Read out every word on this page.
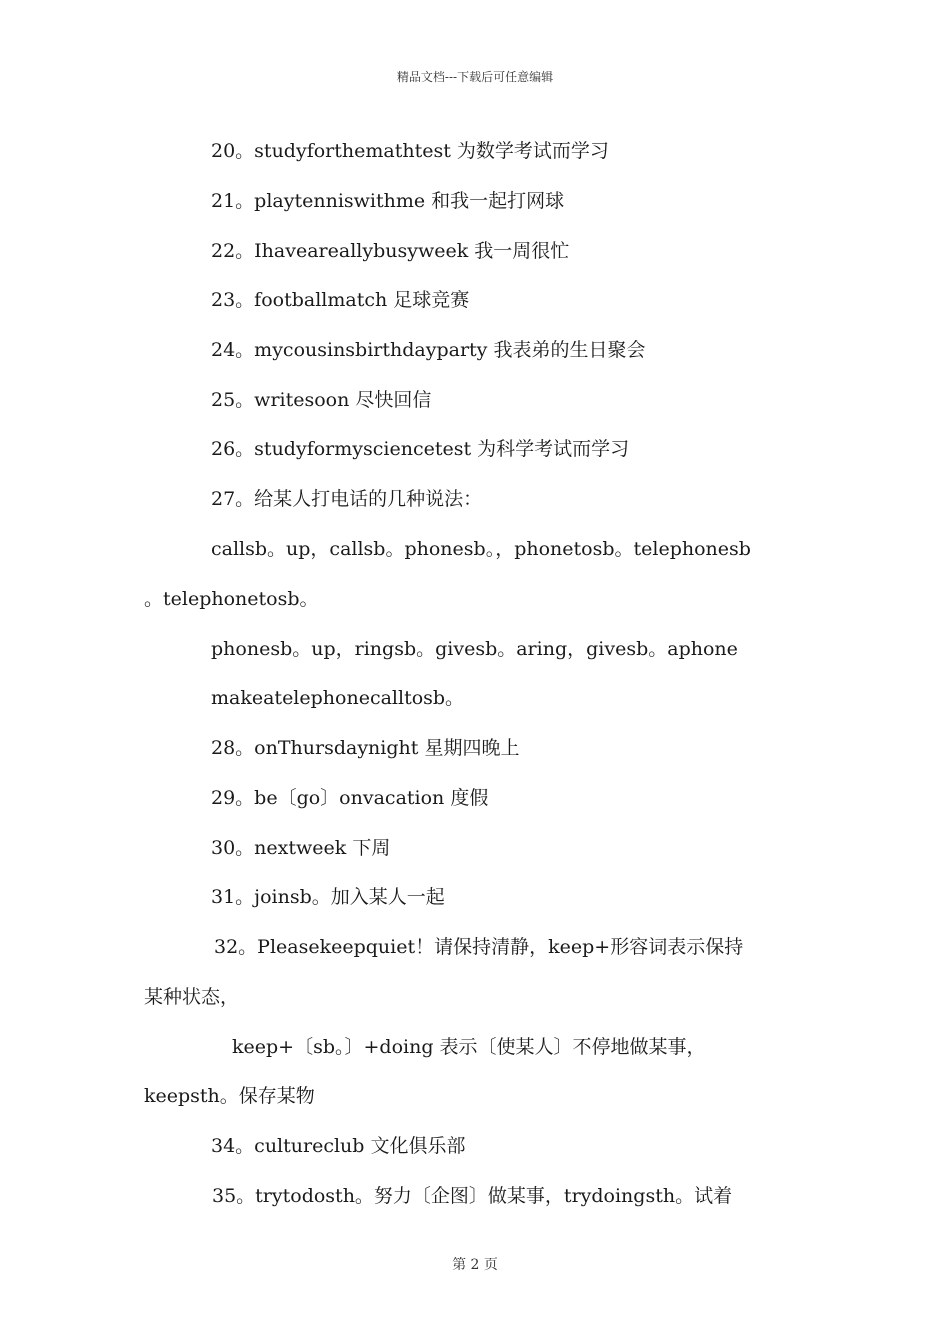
精品文档---下载后可任意编辑
20。studyforthemathtest 为数学考试而学习
21。playtenniswithme 和我一起打网球
22。Ihaveareallybusyweek 我一周很忙
23。footballmatch 足球竞赛
24。mycousinsbirthdayparty 我表弟的生日聚会
25。writesoon 尽快回信
26。studyformysciencetest 为科学考试而学习
27。给某人打电话的几种说法：
callsb。up，callsb。phonesb。，phonetosb。telephonesb
。telephonetosb。
phonesb。up，ringsb。givesb。aring，givesb。aphone
makeatelephonecalltosb。
28。onThursdaynight 星期四晚上
29。be〔go〕onvacation 度假
30。nextweek 下周
31。joinsb。加入某人一起
32。Pleasekeepquiet！请保持清静，keep+形容词表示保持
某种状态，
keep+〔sb。〕+doing 表示〔使某人〕不停地做某事，
keepsth。保存某物
34。cultureclub 文化俱乐部
35。trytodosth。努力〔企图〕做某事，trydoingsth。试着
第 2 页
